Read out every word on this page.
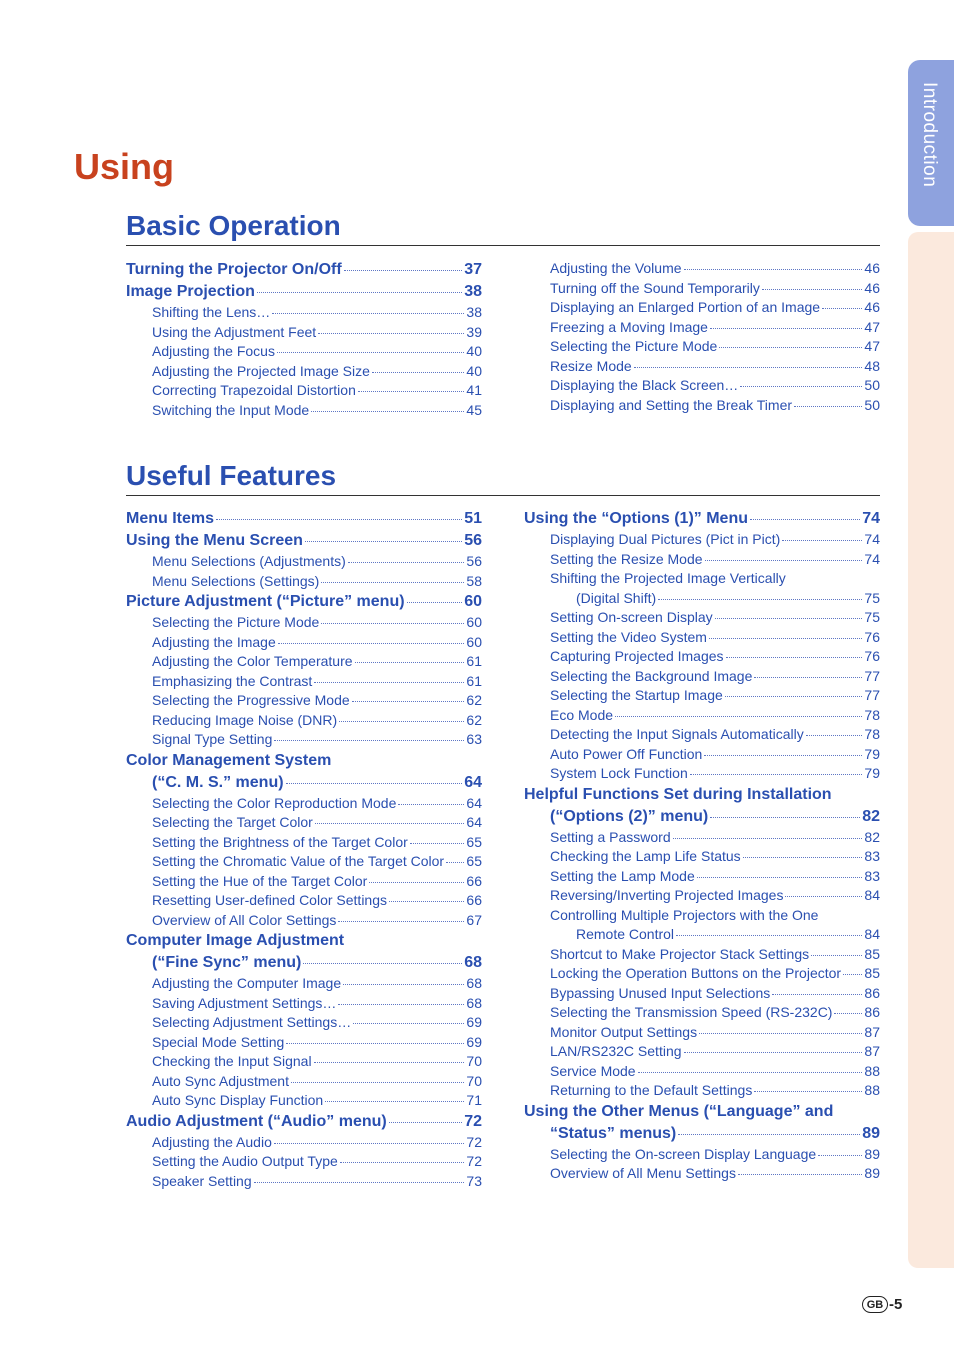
Introduction
Using
Basic Operation
Turning the Projector On/Off	37
Image Projection	38
Shifting the Lens…	38
Using the Adjustment Feet	39
Adjusting the Focus	40
Adjusting the Projected Image Size	40
Correcting Trapezoidal Distortion	41
Switching the Input Mode	45
Adjusting the Volume	46
Turning off the Sound Temporarily	46
Displaying an Enlarged Portion of an Image	46
Freezing a Moving Image	47
Selecting the Picture Mode	47
Resize Mode	48
Displaying the Black Screen…	50
Displaying and Setting the Break Timer	50
Useful Features
Menu Items	51
Using the Menu Screen	56
Menu Selections (Adjustments)	56
Menu Selections (Settings)	58
Picture Adjustment (“Picture” menu)	60
Selecting the Picture Mode	60
Adjusting the Image	60
Adjusting the Color Temperature	61
Emphasizing the Contrast	61
Selecting the Progressive Mode	62
Reducing Image Noise (DNR)	62
Signal Type Setting	63
Color Management System
(“C. M. S.” menu)	64
Selecting the Color Reproduction Mode	64
Selecting the Target Color	64
Setting the Brightness of the Target Color	65
Setting the Chromatic Value of the Target Color 65
Setting the Hue of the Target Color	66
Resetting User-defined Color Settings	66
Overview of All Color Settings	67
Computer Image Adjustment
(“Fine Sync” menu)	68
Adjusting the Computer Image	68
Saving Adjustment Settings…	68
Selecting Adjustment Settings…	69
Special Mode Setting	69
Checking the Input Signal	70
Auto Sync Adjustment	70
Auto Sync Display Function	71
Audio Adjustment (“Audio” menu)	72
Adjusting the Audio	72
Setting the Audio Output Type	72
Speaker Setting	73
Using the “Options (1)” Menu	74
Displaying Dual Pictures (Pict in Pict)	74
Setting the Resize Mode	74
Shifting the Projected Image Vertically
(Digital Shift)	75
Setting On-screen Display	75
Setting the Video System	76
Capturing Projected Images	76
Selecting the Background Image	77
Selecting the Startup Image	77
Eco Mode	78
Detecting the Input Signals Automatically	78
Auto Power Off Function	79
System Lock Function	79
Helpful Functions Set during Installation
(“Options (2)” menu)	82
Setting a Password	82
Checking the Lamp Life Status	83
Setting the Lamp Mode	83
Reversing/Inverting Projected Images	84
Controlling Multiple Projectors with the One
Remote Control	84
Shortcut to Make Projector Stack Settings	85
Locking the Operation Buttons on the Projector 85
Bypassing Unused Input Selections	86
Selecting the Transmission Speed (RS-232C) 86
Monitor Output Settings	87
LAN/RS232C Setting	87
Service Mode	88
Returning to the Default Settings	88
Using the Other Menus (“Language” and
“Status” menus)	89
Selecting the On-screen Display Language	89
Overview of All Menu Settings	89
GB -5
